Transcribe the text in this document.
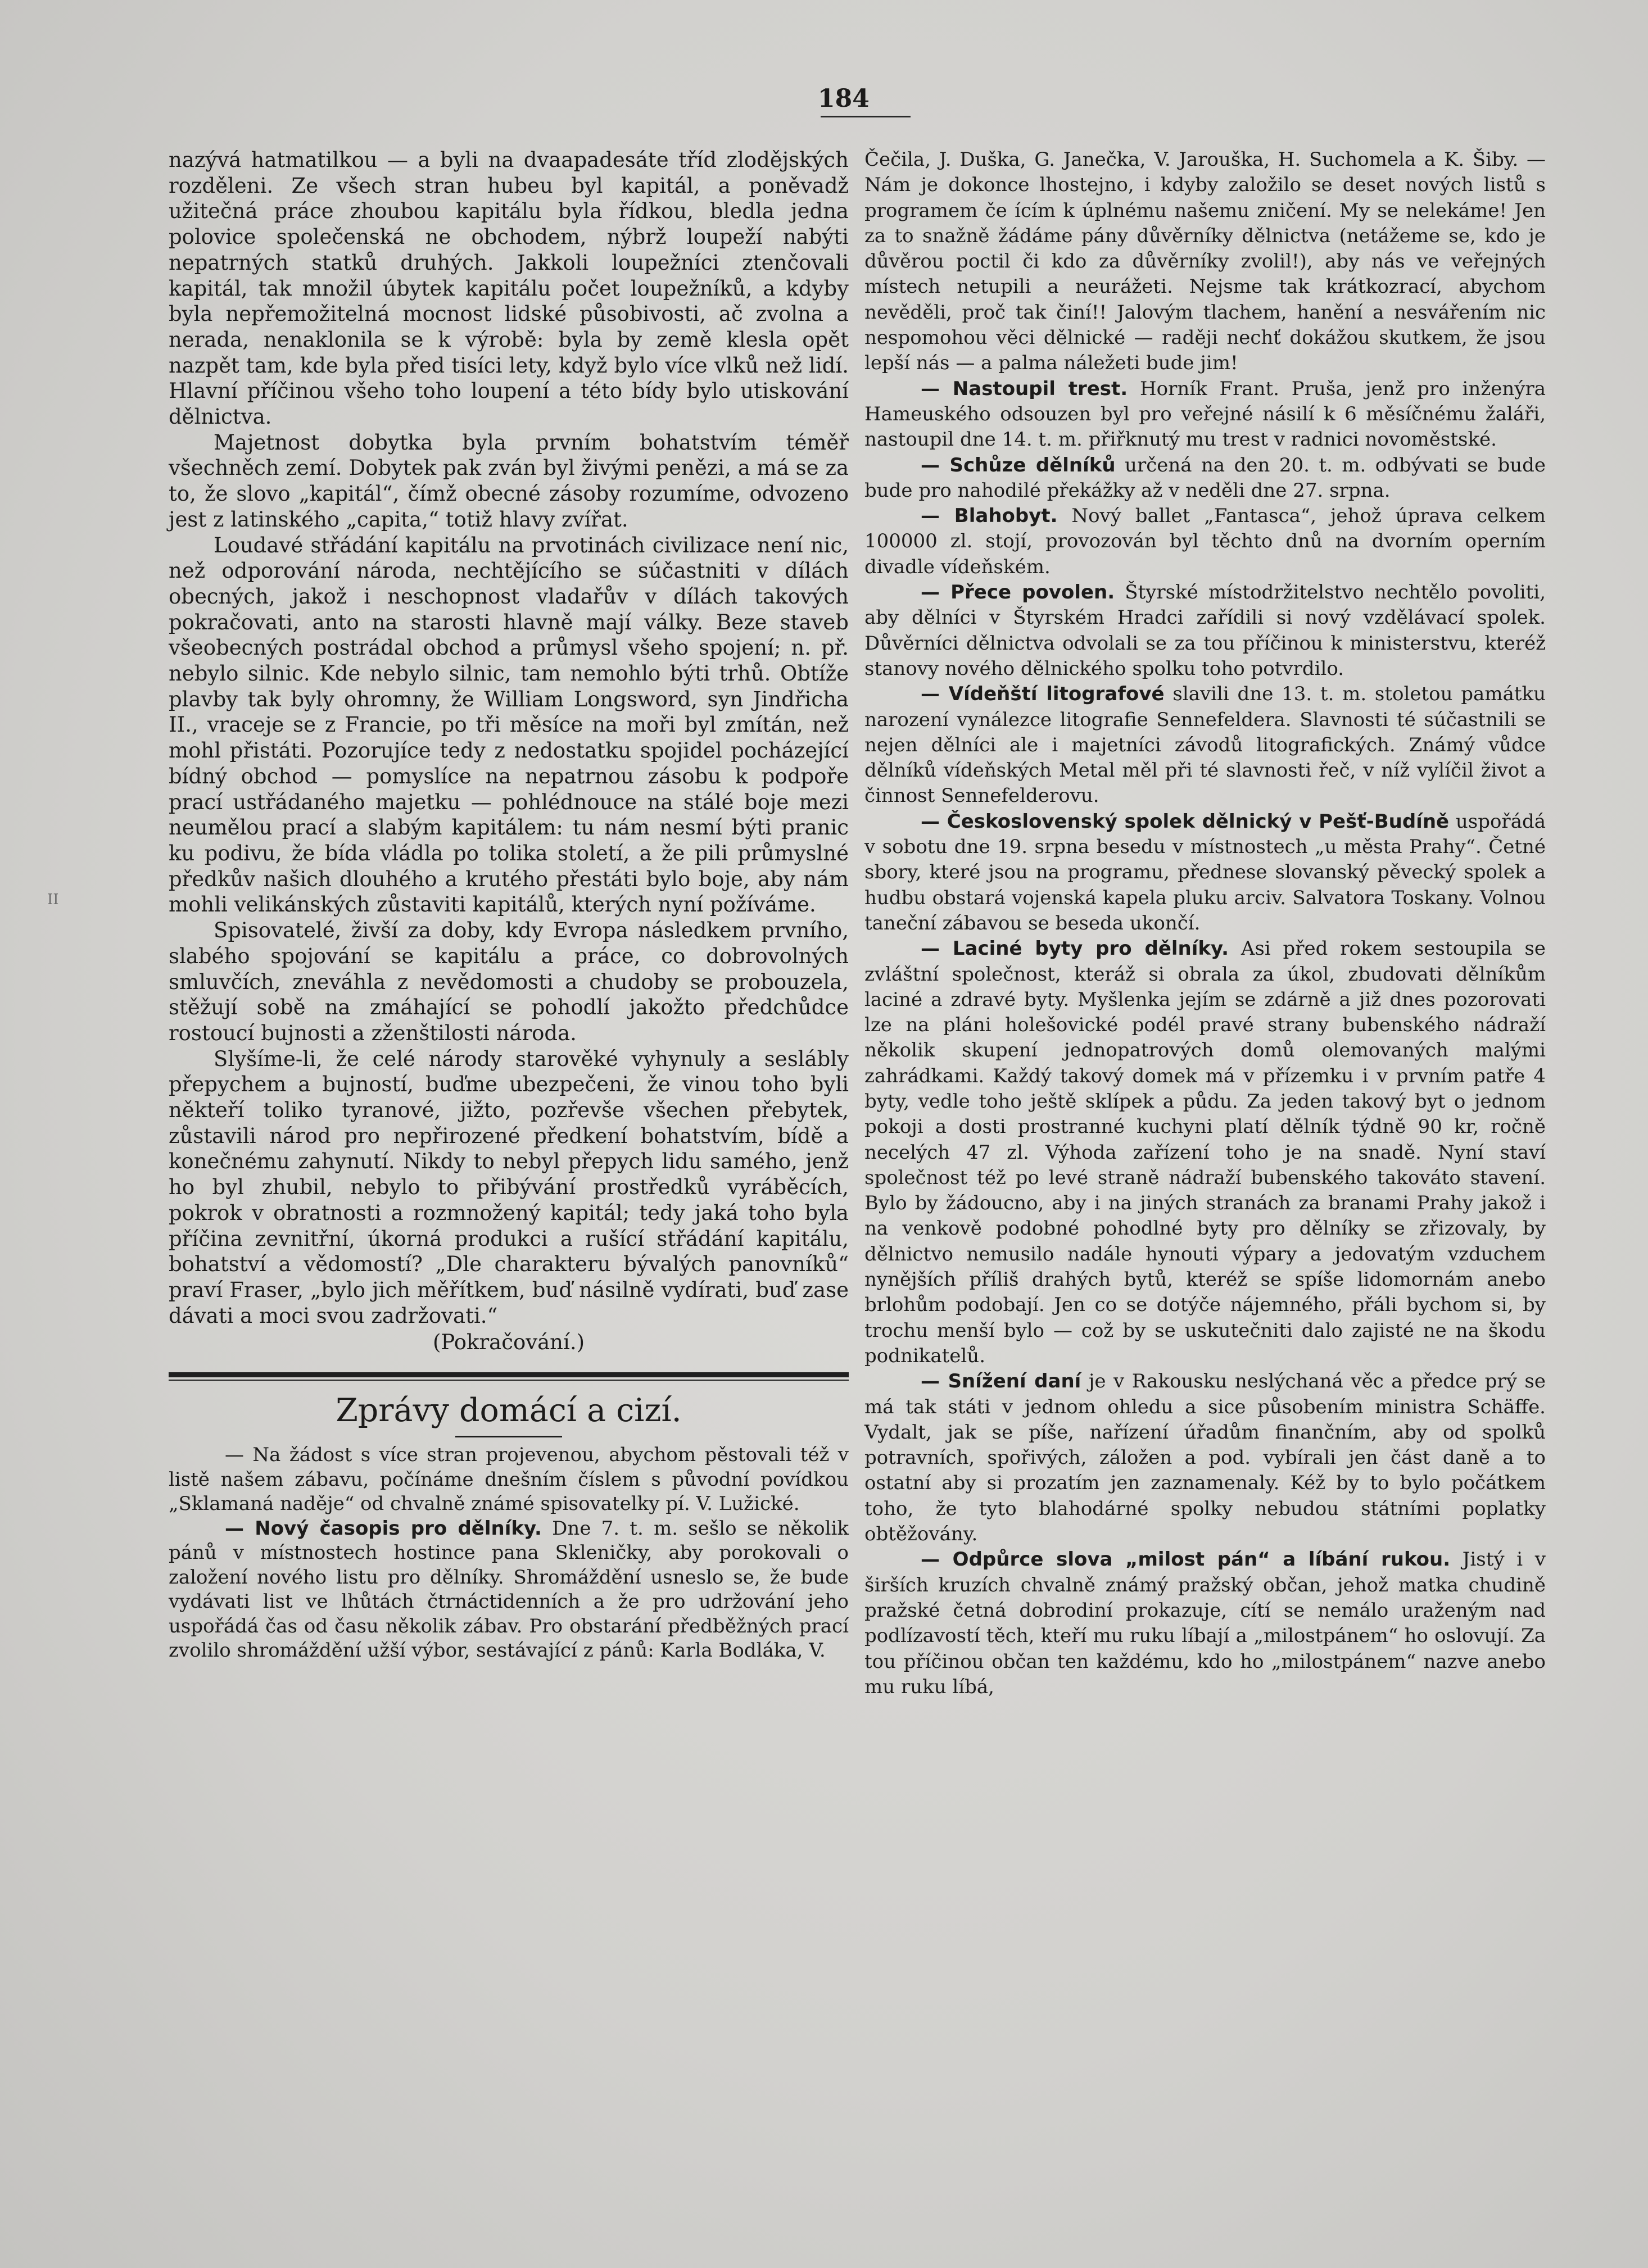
184
II

nazývá hatmatilkou — a byli na dvaapadesáte tříd zlodějských rozděleni. Ze všech stran hubeu byl kapitál, a poněvadž užitečná práce zhoubou kapitálu byla řídkou, bledla jedna polovice společenská ne obchodem, nýbrž loupeží nabýti nepatrných statků druhých. Jakkoli loupežníci ztenčovali kapitál, tak množil úbytek kapitálu počet loupežníků, a kdyby byla nepřemožitelná mocnost lidské působivosti, ač zvolna a nerada, nenaklonila se k výrobě: byla by země klesla opět nazpět tam, kde byla před tisíci lety, když bylo více vlků než lidí. Hlavní příčinou všeho toho loupení a této bídy bylo utiskování dělnictva.

Majetnost dobytka byla prvním bohatstvím téměř všechněch zemí. Dobytek pak zván byl živými penězi, a má se za to, že slovo „kapitál“, čímž obecné zásoby rozumíme, odvozeno jest z latinského „capita,“ totiž hlavy zvířat.

Loudavé střádání kapitálu na prvotinách civilizace není nic, než odporování národa, nechtějícího se súčastniti v dílách obecných, jakož i neschopnost vladařův v dílách takových pokračovati, anto na starosti hlavně mají války. Beze staveb všeobecných postrádal obchod a průmysl všeho spojení; n. př. nebylo silnic. Kde nebylo silnic, tam nemohlo býti trhů. Obtíže plavby tak byly ohromny, že William Longsword, syn Jindřicha II., vraceje se z Francie, po tři měsíce na moři byl zmítán, než mohl přistáti. Pozorujíce tedy z nedostatku spojidel pocházející bídný obchod — pomyslíce na nepatrnou zásobu k podpoře prací ustřádaného majetku — pohlédnouce na stálé boje mezi neumělou prací a slabým kapitálem: tu nám nesmí býti pranic ku podivu, že bída vládla po tolika století, a že pili průmyslné předkův našich dlouhého a krutého přestáti bylo boje, aby nám mohli velikánských zůstaviti kapitálů, kterých nyní požíváme.

Spisovatelé, živší za doby, kdy Evropa následkem prvního, slabého spojování se kapitálu a práce, co dobrovolných smluvčích, zneváhla z nevědomosti a chudoby se probouzela, stěžují sobě na zmáhající se pohodlí jakožto předchůdce rostoucí bujnosti a zženštilosti národa.

Slyšíme-li, že celé národy starověké vyhynuly a seslábly přepychem a bujností, buďme ubezpečeni, že vinou toho byli někteří toliko tyranové, jižto, pozřevše všechen přebytek, zůstavili národ pro nepřirozené předkení bohatstvím, bídě a konečnému zahynutí. Nikdy to nebyl přepych lidu samého, jenž ho byl zhubil, nebylo to přibývání prostředků vyráběcích, pokrok v obratnosti a rozmnožený kapitál; tedy jaká toho byla příčina zevnitřní, úkorná produkci a rušící střádání kapitálu, bohatství a vědomostí? „Dle charakteru bývalých panovníků“ praví Fraser, „bylo jich měřítkem, buď násilně vydírati, buď zase dávati a moci svou zadržovati.“

(Pokračování.)
Zprávy domácí a cizí.

— Na žádost s více stran projevenou, abychom pěstovali též v listě našem zábavu, počínáme dnešním číslem s původní povídkou „Sklamaná naděje“ od chvalně známé spisovatelky pí. V. Lužické.

— Nový časopis pro dělníky. Dne 7. t. m. sešlo se několik pánů v místnostech hostince pana Skleničky, aby porokovali o založení nového listu pro dělníky. Shromáždění usneslo se, že bude vydávati list ve lhůtách čtrnáctidenních a že pro udržování jeho uspořádá čas od času několik zábav. Pro obstarání předběžných prací zvolilo shromáždění užší výbor, sestávající z pánů: Karla Bodláka, V.

Čečila, J. Duška, G. Janečka, V. Jarouška, H. Suchomela a K. Šiby. — Nám je dokonce lhostejno, i kdyby založilo se deset nových listů s programem če ícím k úplnému našemu zničení. My se nelekáme! Jen za to snažně žádáme pány důvěrníky dělnictva (netážeme se, kdo je důvěrou poctil či kdo za důvěrníky zvolil!), aby nás ve veřejných místech netupili a neurážeti. Nejsme tak krátkozrací, abychom nevěděli, proč tak činí!! Jalovým tlachem, hanění a nesvářením nic nespomohou věci dělnické — raději nechť dokážou skutkem, že jsou lepší nás — a palma náležeti bude jim!

— Nastoupil trest. Horník Frant. Pruša, jenž pro inženýra Hameuského odsouzen byl pro veřejné násilí k 6 měsíčnému žaláři, nastoupil dne 14. t. m. přiřknutý mu trest v radnici novoměstské.

— Schůze dělníků určená na den 20. t. m. odbývati se bude bude pro nahodilé překážky až v neděli dne 27. srpna.

— Blahobyt. Nový ballet „Fantasca“, jehož úprava celkem 100000 zl. stojí, provozován byl těchto dnů na dvorním operním divadle vídeňském.

— Přece povolen. Štyrské místodržitelstvo nechtělo povoliti, aby dělníci v Štyrském Hradci zařídili si nový vzdělávací spolek. Důvěrníci dělnictva odvolali se za tou příčinou k ministerstvu, kteréž stanovy nového dělnického spolku toho potvrdilo.

— Vídeňští litografové slavili dne 13. t. m. stoletou památku narození vynálezce litografie Sennefeldera. Slavnosti té súčastnili se nejen dělníci ale i majetníci závodů litografických. Známý vůdce dělníků vídeňských Metal měl při té slavnosti řeč, v níž vylíčil život a činnost Sennefelderovu.

— Československý spolek dělnický v Pešť-Budíně uspořádá v sobotu dne 19. srpna besedu v místnostech „u města Prahy“. Četné sbory, které jsou na programu, přednese slovanský pěvecký spolek a hudbu obstará vojenská kapela pluku arciv. Salvatora Toskany. Volnou taneční zábavou se beseda ukončí.

— Laciné byty pro dělníky. Asi před rokem sestoupila se zvláštní společnost, kteráž si obrala za úkol, zbudovati dělníkům laciné a zdravé byty. Myšlenka jejím se zdárně a již dnes pozorovati lze na pláni holešovické podél pravé strany bubenského nádraží několik skupení jednopatrových domů olemovaných malými zahrádkami. Každý takový domek má v přízemku i v prvním patře 4 byty, vedle toho ještě sklípek a půdu. Za jeden takový byt o jednom pokoji a dosti prostranné kuchyni platí dělník týdně 90 kr, ročně necelých 47 zl. Výhoda zařízení toho je na snadě. Nyní staví společnost též po levé straně nádraží bubenského takováto stavení. Bylo by žádoucno, aby i na jiných stranách za branami Prahy jakož i na venkově podobné pohodlné byty pro dělníky se zřizovaly, by dělnictvo nemusilo nadále hynouti výpary a jedovatým vzduchem nynějších příliš drahých bytů, kteréž se spíše lidomornám anebo brlohům podobají. Jen co se dotýče nájemného, přáli bychom si, by trochu menší bylo — což by se uskutečniti dalo zajisté ne na škodu podnikatelů.

— Snížení daní je v Rakousku neslýchaná věc a předce prý se má tak státi v jednom ohledu a sice působením ministra Schäffe. Vydalt, jak se píše, nařízení úřadům finančním, aby od spolků potravních, spořivých, záložen a pod. vybírali jen část daně a to ostatní aby si prozatím jen zaznamenaly. Kéž by to bylo počátkem toho, že tyto blahodárné spolky nebudou státními poplatky obtěžovány.

— Odpůrce slova „milost pán“ a líbání rukou. Jistý i v širších kruzích chvalně známý pražský občan, jehož matka chudině pražské četná dobrodiní prokazuje, cítí se nemálo uraženým nad podlízavostí těch, kteří mu ruku líbají a „milostpánem“ ho oslovují. Za tou příčinou občan ten každému, kdo ho „milostpánem“ nazve anebo mu ruku líbá,
